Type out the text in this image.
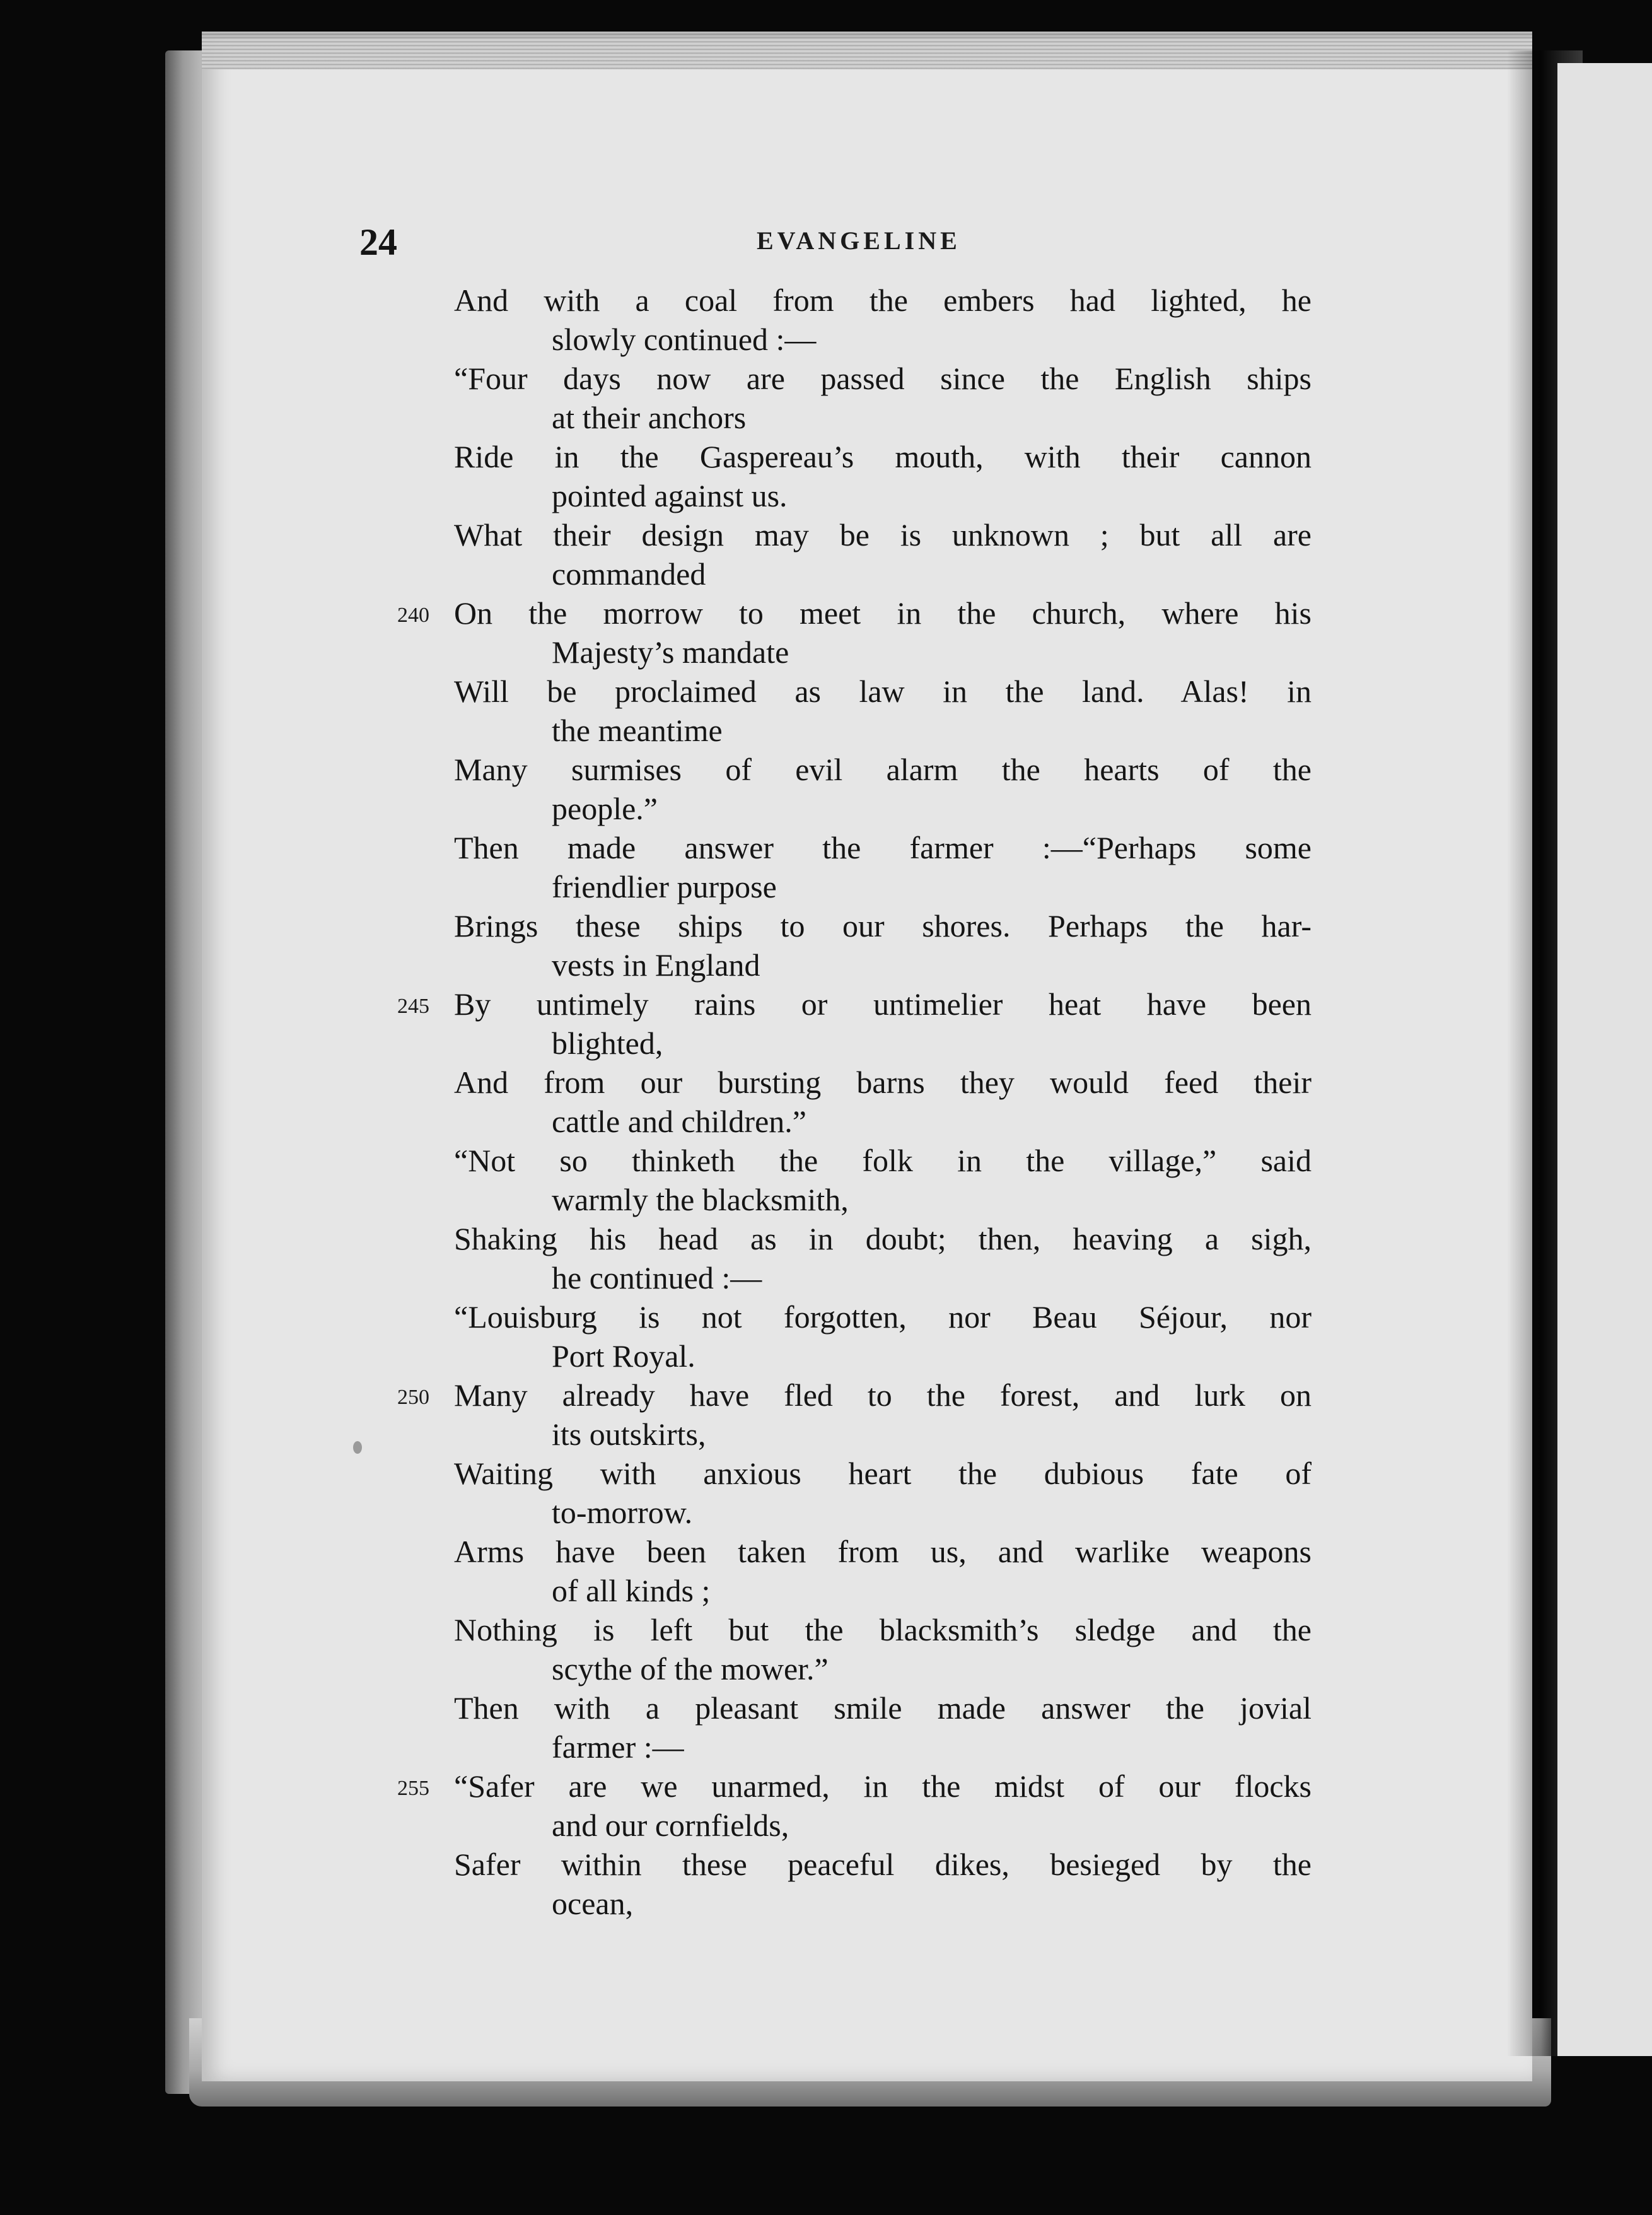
24	EVANGELINE
And with a coal from the embers had lighted, he
slowly continued :—
“Four days now are passed since the English ships
at their anchors
Ride in the Gaspereau’s mouth, with their cannon
pointed against us.
What their design may be is unknown ; but all are
commanded
240 On the morrow to meet in the church, where his
Majesty’s mandate
Will be proclaimed as law in the land. Alas! in
the meantime
Many surmises of evil alarm the hearts of the
people.”
Then made answer the farmer :—“Perhaps some
friendlier purpose
Brings these ships to our shores. Perhaps the har-
vests in England
245 By untimely rains or untimelier heat have been
blighted,
And from our bursting barns they would feed their
cattle and children.”
“Not so thinketh the folk in the village,” said
warmly the blacksmith,
Shaking his head as in doubt; then, heaving a sigh,
he continued :—
“Louisburg is not forgotten, nor Beau Séjour, nor
Port Royal.
250 Many already have fled to the forest, and lurk on
its outskirts,
Waiting with anxious heart the dubious fate of
to-morrow.
Arms have been taken from us, and warlike weapons
of all kinds ;
Nothing is left but the blacksmith’s sledge and the
scythe of the mower.”
Then with a pleasant smile made answer the jovial
farmer :—
255 “Safer are we unarmed, in the midst of our flocks
and our cornfields,
Safer within these peaceful dikes, besieged by the
ocean,
